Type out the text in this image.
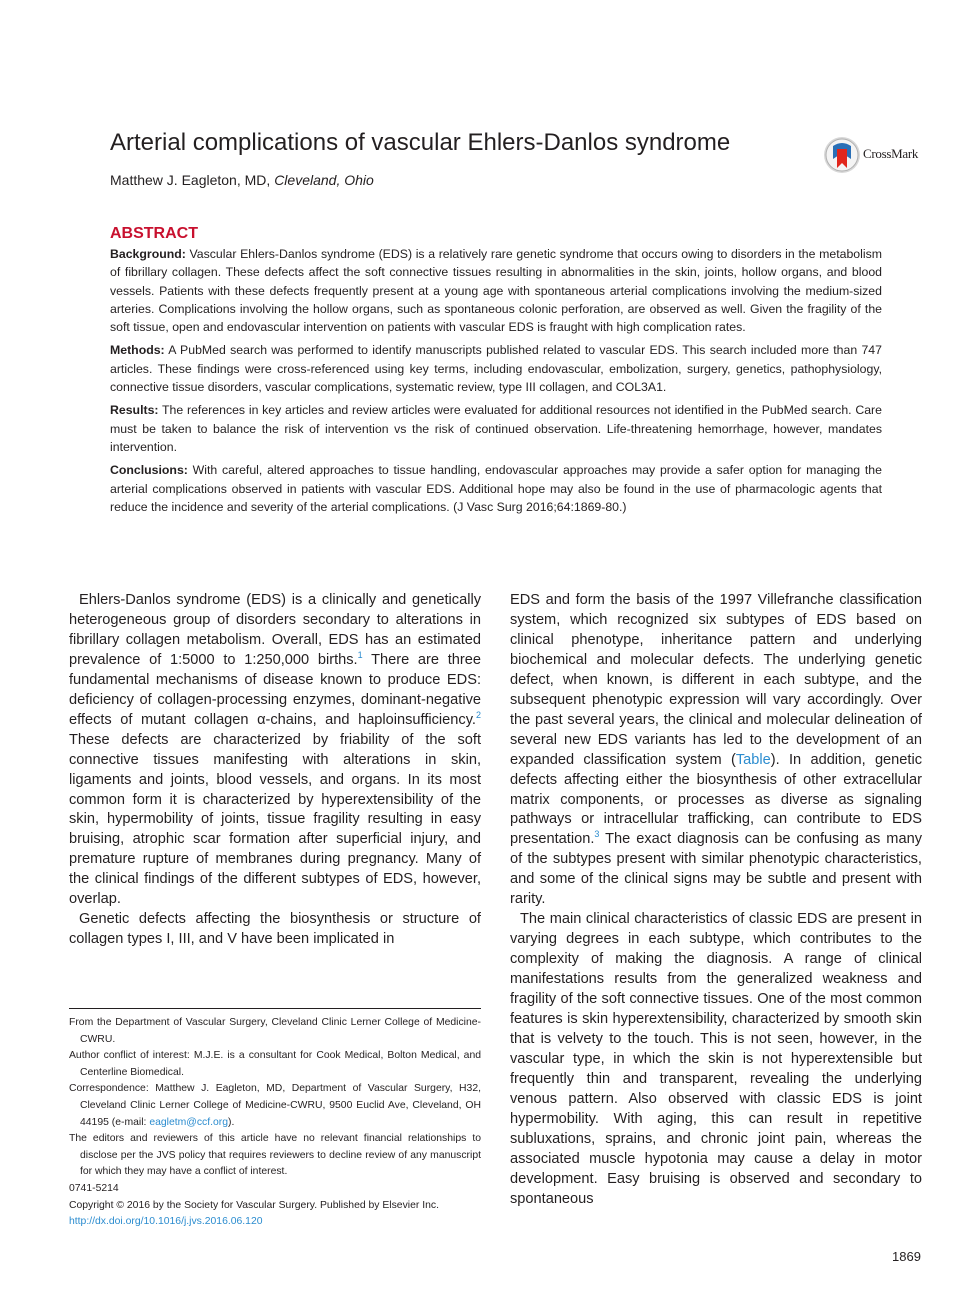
Arterial complications of vascular Ehlers-Danlos syndrome
Matthew J. Eagleton, MD, Cleveland, Ohio
CrossMark
ABSTRACT

Background: Vascular Ehlers-Danlos syndrome (EDS) is a relatively rare genetic syndrome that occurs owing to disorders in the metabolism of fibrillary collagen. These defects affect the soft connective tissues resulting in abnormalities in the skin, joints, hollow organs, and blood vessels. Patients with these defects frequently present at a young age with spontaneous arterial complications involving the medium-sized arteries. Complications involving the hollow organs, such as spontaneous colonic perforation, are observed as well. Given the fragility of the soft tissue, open and endovascular intervention on patients with vascular EDS is fraught with high complication rates.

Methods: A PubMed search was performed to identify manuscripts published related to vascular EDS. This search included more than 747 articles. These findings were cross-referenced using key terms, including endovascular, embolization, surgery, genetics, pathophysiology, connective tissue disorders, vascular complications, systematic review, type III collagen, and COL3A1.

Results: The references in key articles and review articles were evaluated for additional resources not identified in the PubMed search. Care must be taken to balance the risk of intervention vs the risk of continued observation. Life-threatening hemorrhage, however, mandates intervention.

Conclusions: With careful, altered approaches to tissue handling, endovascular approaches may provide a safer option for managing the arterial complications observed in patients with vascular EDS. Additional hope may also be found in the use of pharmacologic agents that reduce the incidence and severity of the arterial complications. (J Vasc Surg 2016;64:1869-80.)

Ehlers-Danlos syndrome (EDS) is a clinically and genetically heterogeneous group of disorders secondary to alterations in fibrillary collagen metabolism. Overall, EDS has an estimated prevalence of 1:5000 to 1:250,000 births.$^1$ There are three fundamental mechanisms of disease known to produce EDS: deficiency of collagen-processing enzymes, dominant-negative effects of mutant collagen α-chains, and haploinsufficiency.$^2$ These defects are characterized by friability of the soft connective tissues manifesting with alterations in skin, ligaments and joints, blood vessels, and organs. In its most common form it is characterized by hyperextensibility of the skin, hypermobility of joints, tissue fragility resulting in easy bruising, atrophic scar formation after superficial injury, and premature rupture of membranes during pregnancy. Many of the clinical findings of the different subtypes of EDS, however, overlap.

Genetic defects affecting the biosynthesis or structure of collagen types I, III, and V have been implicated in

EDS and form the basis of the 1997 Villefranche classification system, which recognized six subtypes of EDS based on clinical phenotype, inheritance pattern and underlying biochemical and molecular defects. The underlying genetic defect, when known, is different in each subtype, and the subsequent phenotypic expression will vary accordingly. Over the past several years, the clinical and molecular delineation of several new EDS variants has led to the development of an expanded classification system (Table). In addition, genetic defects affecting either the biosynthesis of other extracellular matrix components, or processes as diverse as signaling pathways or intracellular trafficking, can contribute to EDS presentation.$^3$ The exact diagnosis can be confusing as many of the subtypes present with similar phenotypic characteristics, and some of the clinical signs may be subtle and present with rarity.

The main clinical characteristics of classic EDS are present in varying degrees in each subtype, which contributes to the complexity of making the diagnosis. A range of clinical manifestations results from the generalized weakness and fragility of the soft connective tissues. One of the most common features is skin hyperextensibility, characterized by smooth skin that is velvety to the touch. This is not seen, however, in the vascular type, in which the skin is not hyperextensible but frequently thin and transparent, revealing the underlying venous pattern. Also observed with classic EDS is joint hypermobility. With aging, this can result in repetitive subluxations, sprains, and chronic joint pain, whereas the associated muscle hypotonia may cause a delay in motor development. Easy bruising is observed and secondary to spontaneous

From the Department of Vascular Surgery, Cleveland Clinic Lerner College of Medicine-CWRU.

Author conflict of interest: M.J.E. is a consultant for Cook Medical, Bolton Medical, and Centerline Biomedical.

Correspondence: Matthew J. Eagleton, MD, Department of Vascular Surgery, H32, Cleveland Clinic Lerner College of Medicine-CWRU, 9500 Euclid Ave, Cleveland, OH 44195 (e-mail: eagletm@ccf.org).

The editors and reviewers of this article have no relevant financial relationships to disclose per the JVS policy that requires reviewers to decline review of any manuscript for which they may have a conflict of interest.

0741-5214

Copyright © 2016 by the Society for Vascular Surgery. Published by Elsevier Inc.

http://dx.doi.org/10.1016/j.jvs.2016.06.120

1869
